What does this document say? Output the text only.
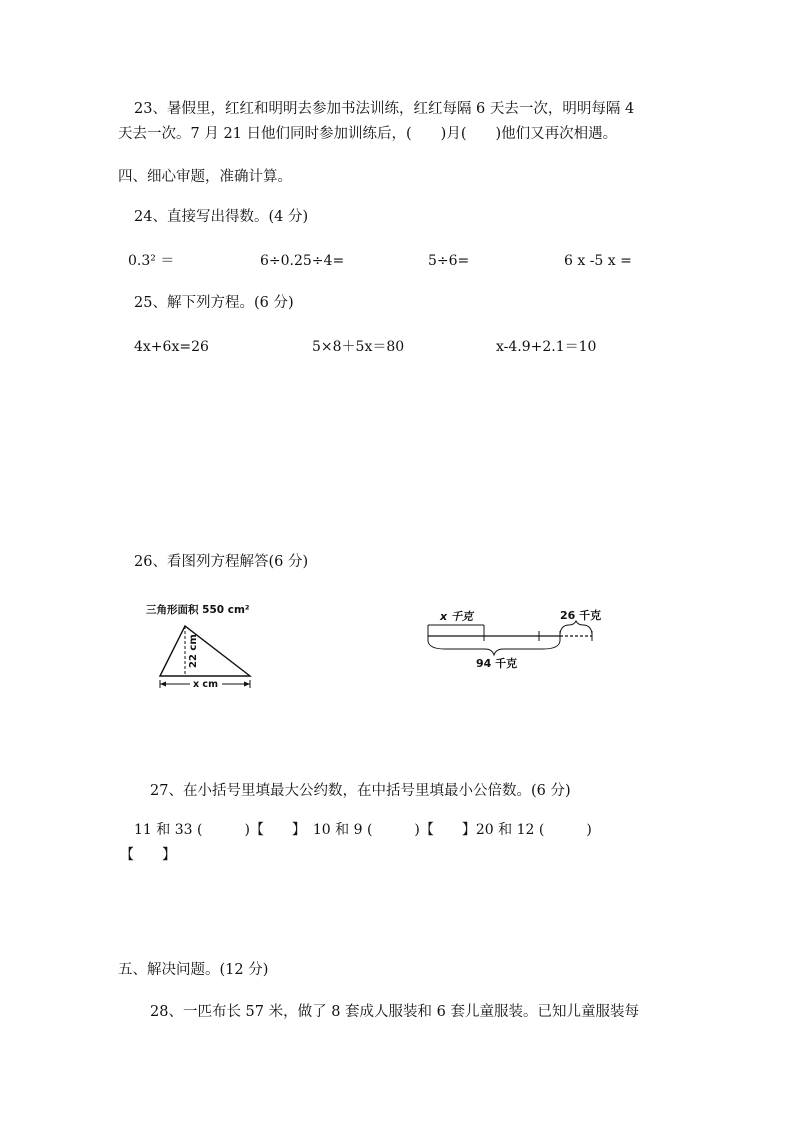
23、暑假里，红红和明明去参加书法训练，红红每隔 6 天去一次，明明每隔 4
天去一次。7 月 21 日他们同时参加训练后，(　　)月(　　)他们又再次相遇。
四、细心审题，准确计算。
24、直接写出得数。(4 分)
0.3² ＝	6÷0.25÷4=	5÷6=	6 x -5 x =
25、解下列方程。(6 分)
4x+6x=26	5×8＋5x＝80	x-4.9+2.1＝10
26、看图列方程解答(6 分)
三角形面积 550 cm²
22 cm
x cm
x 千克	26 千克
94 千克
27、在小括号里填最大公约数，在中括号里填最小公倍数。(6 分)
11 和 33 (　　　)【　　】　10 和 9 (　　　)【　　】20 和 12 (　　　)
【　　】
五、解决问题。(12 分)
28、一匹布长 57 米，做了 8 套成人服装和 6 套儿童服装。已知儿童服装每
